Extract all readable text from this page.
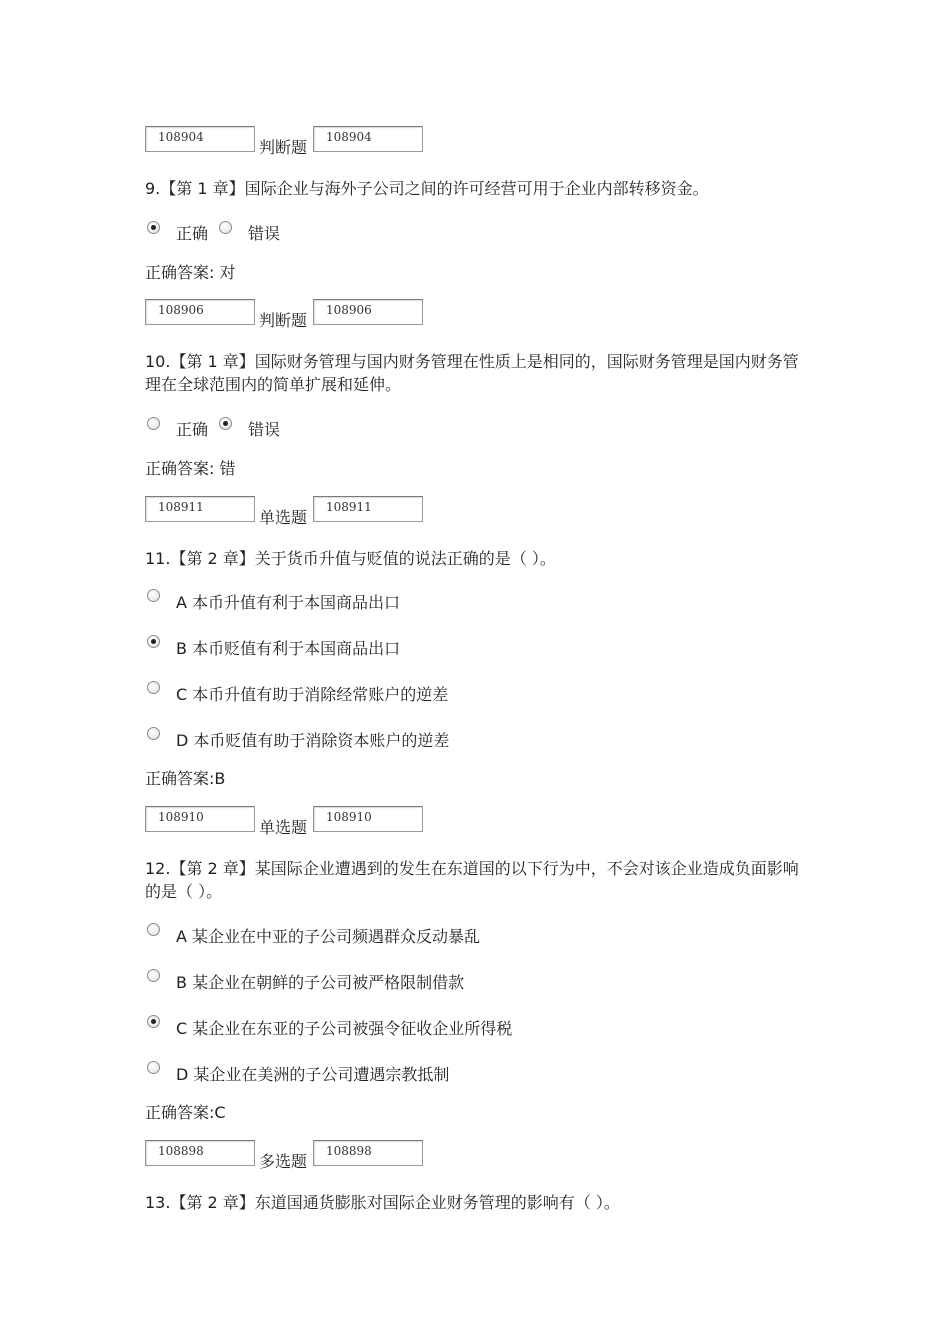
108904
判断题
108904

9.【第 1 章】国际企业与海外子公司之间的许可经营可用于企业内部转移资金。

正确 错误
正确答案: 对
108906
判断题
108906

10.【第 1 章】国际财务管理与国内财务管理在性质上是相同的，国际财务管理是国内财务管理在全球范围内的简单扩展和延伸。

正确 错误
正确答案: 错
108911
单选题
108911

11.【第 2 章】关于货币升值与贬值的说法正确的是（ ）。

A 本币升值有利于本国商品出口
B 本币贬值有利于本国商品出口
C 本币升值有助于消除经常账户的逆差
D 本币贬值有助于消除资本账户的逆差
正确答案:B
108910
单选题
108910

12.【第 2 章】某国际企业遭遇到的发生在东道国的以下行为中，不会对该企业造成负面影响的是（ ）。

A 某企业在中亚的子公司频遇群众反动暴乱
B 某企业在朝鲜的子公司被严格限制借款
C 某企业在东亚的子公司被强令征收企业所得税
D 某企业在美洲的子公司遭遇宗教抵制
正确答案:C
108898
多选题
108898

13.【第 2 章】东道国通货膨胀对国际企业财务管理的影响有（ ）。
